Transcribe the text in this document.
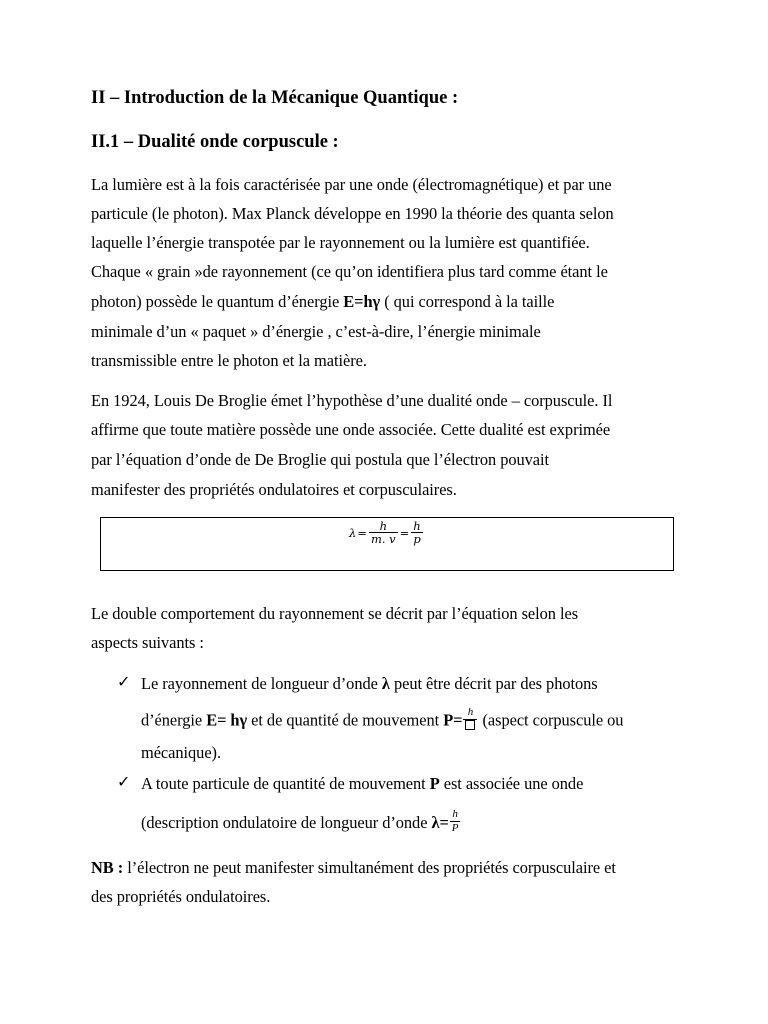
II – Introduction de la Mécanique Quantique :
II.1 – Dualité onde corpuscule :
La lumière est à la fois caractérisée par une onde (électromagnétique) et par une
particule (le photon). Max Planck développe en 1990 la théorie des quanta selon
laquelle l’énergie transpotée par le rayonnement ou la lumière est quantifiée.
Chaque « grain »de rayonnement (ce qu’on identifiera plus tard comme étant le
photon) possède le quantum d’énergie E=hγ ( qui correspond à la taille
minimale d’un « paquet » d’énergie , c’est-à-dire, l’énergie minimale
transmissible entre le photon et la matière.
En 1924, Louis De Broglie émet l’hypothèse d’une dualité onde – corpuscule. Il
affirme que toute matière possède une onde associée. Cette dualité est exprimée
par l’équation d’onde de De Broglie qui postula que l’électron pouvait
manifester des propriétés ondulatoires et corpusculaires.
$\lambda = \frac{h}{m. v} = \frac{h}{p}$
Le double comportement du rayonnement se décrit par l’équation selon les
aspects suivants :
✓ Le rayonnement de longueur d’onde λ peut être décrit par des photons
d’énergie E= hγ et de quantité de mouvement P= h (aspect corpuscule ou
mécanique).
✓ A toute particule de quantité de mouvement P est associée une onde
(description ondulatoire de longueur d’onde $\lambda= \frac{h}{P}$
NB : l’électron ne peut manifester simultanément des propriétés corpusculaire et
des propriétés ondulatoires.
